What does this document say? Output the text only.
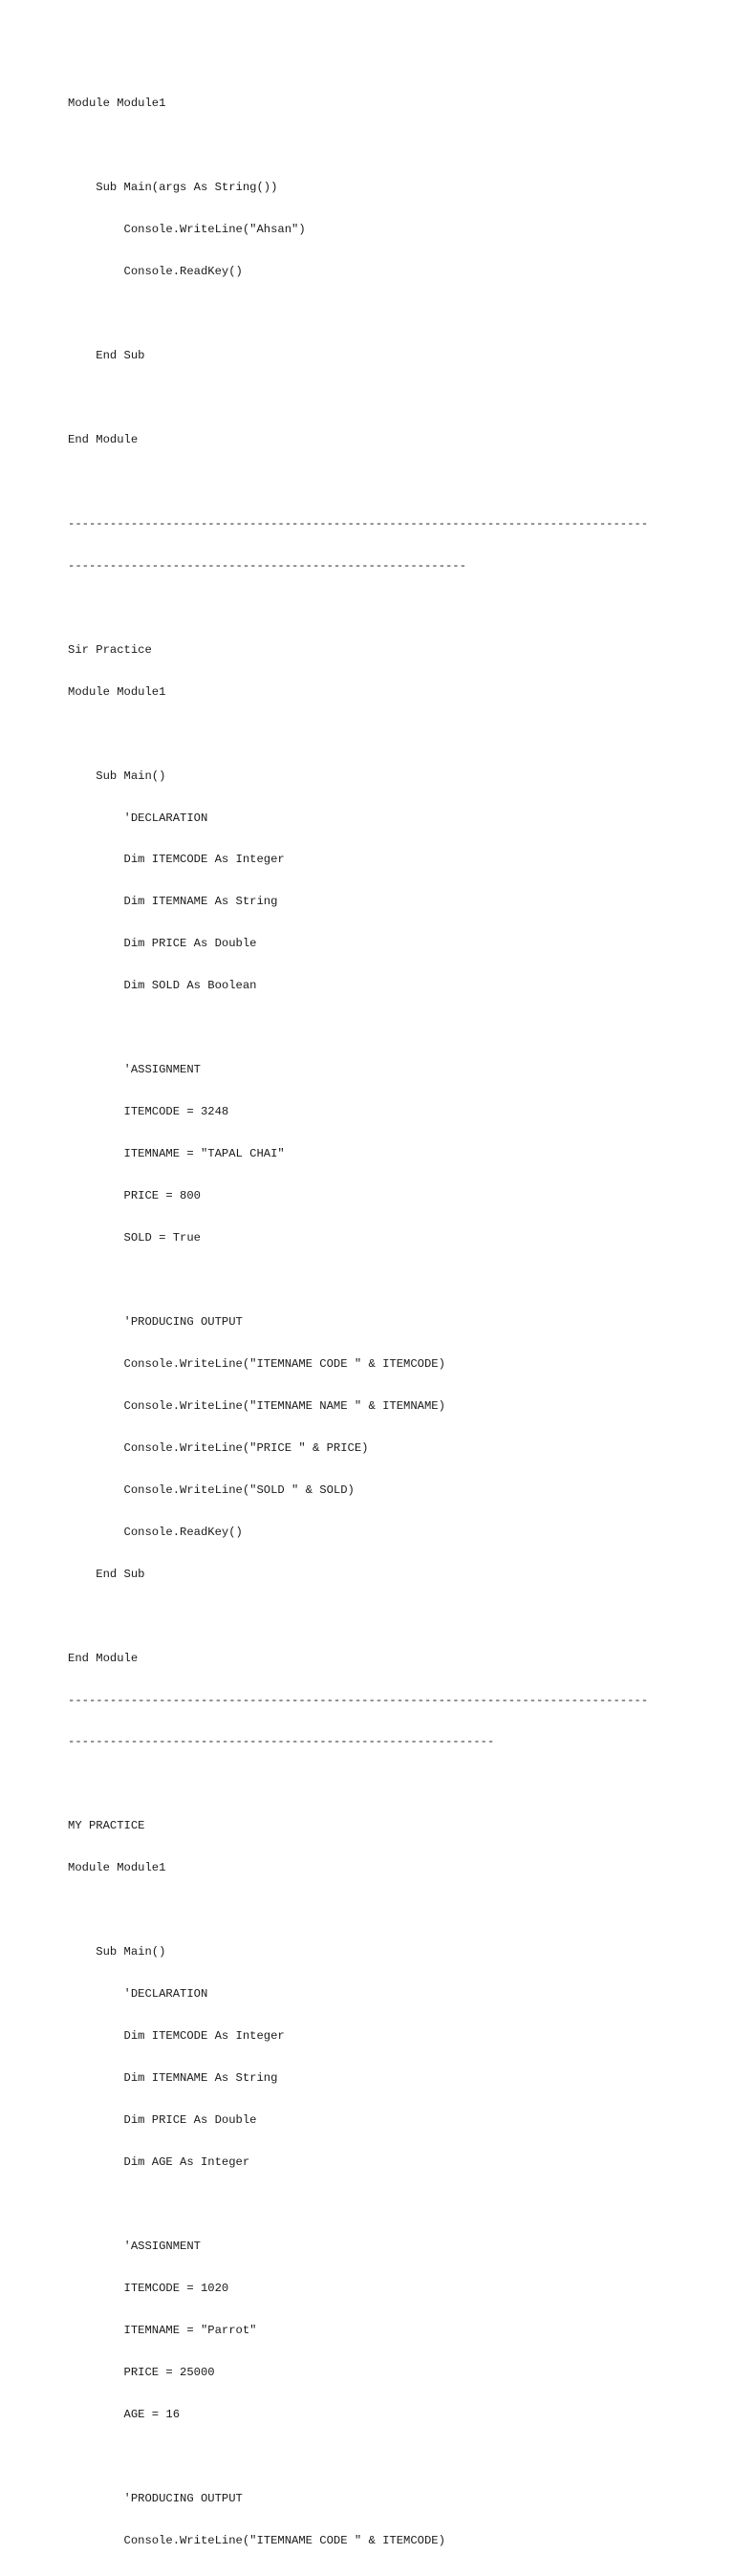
Module Module1

Sub Main(args As String())

Console.WriteLine("Ahsan")

Console.ReadKey()

End Sub

End Module

-----------------------------------------------------------------------------------

---------------------------------------------------------

Sir Practice

Module Module1

Sub Main()

'DECLARATION

Dim ITEMCODE As Integer

Dim ITEMNAME As String

Dim PRICE As Double

Dim SOLD As Boolean

'ASSIGNMENT

ITEMCODE = 3248

ITEMNAME = "TAPAL CHAI"

PRICE = 800

SOLD = True

'PRODUCING OUTPUT

Console.WriteLine("ITEMNAME CODE " & ITEMCODE)

Console.WriteLine("ITEMNAME NAME " & ITEMNAME)

Console.WriteLine("PRICE " & PRICE)

Console.WriteLine("SOLD " & SOLD)

Console.ReadKey()

End Sub

End Module

-----------------------------------------------------------------------------------

-------------------------------------------------------------

MY PRACTICE

Module Module1

Sub Main()

'DECLARATION

Dim ITEMCODE As Integer

Dim ITEMNAME As String

Dim PRICE As Double

Dim AGE As Integer

'ASSIGNMENT

ITEMCODE = 1020

ITEMNAME = "Parrot"

PRICE = 25000

AGE = 16

'PRODUCING OUTPUT

Console.WriteLine("ITEMNAME CODE " & ITEMCODE)
